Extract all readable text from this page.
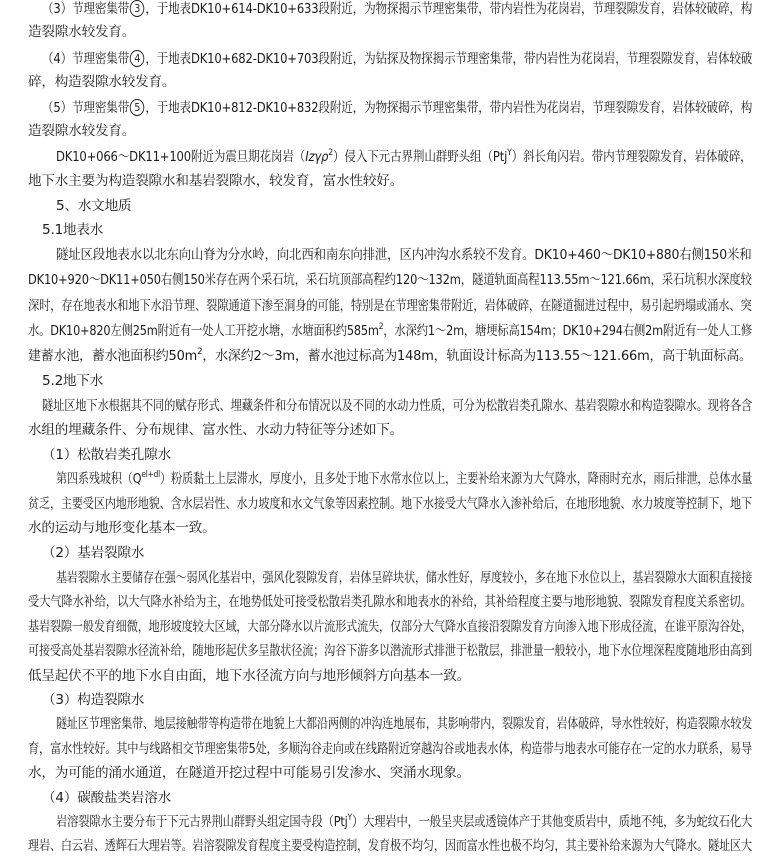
（3）节理密集带 3 ，于地表DK10+614-DK10+633段附近，为物探揭示节理密集带，带内岩性为花岗岩，节理裂隙发育，岩体较破碎，构
造裂隙水较发育。
（4）节理密集带 4 ，于地表DK10+682-DK10+703段附近，为钻探及物探揭示节理密集带，带内岩性为花岗岩，节理裂隙发育，岩体较破
碎，构造裂隙水较发育。
（5）节理密集带 5 ，于地表DK10+812-DK10+832段附近，为物探揭示节理密集带，带内岩性为花岗岩，节理裂隙发育，岩体较破碎，构
造裂隙水较发育。
DK10+066～DK11+100附近为震旦期花岗岩（Izγρ$^2$）侵入下元古界荆山群野头组（Ptj$^Y$）斜长角闪岩。带内节理裂隙发育，岩体破碎，
地下水主要为构造裂隙水和基岩裂隙水，较发育，富水性较好。
5、水文地质
5.1地表水
隧址区段地表水以北东向山脊为分水岭，向北西和南东向排泄，区内冲沟水系较不发育。DK10+460～DK10+880右侧150米和
DK10+920～DK11+050右侧150米存在两个采石坑，采石坑顶部高程约120～132m，隧道轨面高程113.55m～121.66m，采石坑积水深度较
深时，存在地表水和地下水沿节理、裂隙通道下渗至洞身的可能，特别是在节理密集带附近，岩体破碎，在隧道掘进过程中，易引起坍塌或涌水、突
水。DK10+820左侧25m附近有一处人工开挖水塘，水塘面积约$585m^2$，水深约1～2m，塘埂标高154m；DK10+294右侧2m附近有一处人工修
建蓄水池，蓄水池面积约$50m^2$，水深约2～3m，蓄水池过标高为148m，轨面设计标高为113.55～121.66m，高于轨面标高。
5.2地下水
隧址区地下水根据其不同的赋存形式、埋藏条件和分布情况以及不同的水动力性质，可分为松散岩类孔隙水、基岩裂隙水和构造裂隙水。现将各含
水组的埋藏条件、分布规律、富水性、水动力特征等分述如下。
（1）松散岩类孔隙水
第四系残坡积$(Q^{el+dl})$粉质黏土上层滞水，厚度小，且多处于地下水常水位以上，主要补给来源为大气降水，降雨时充水，雨后排泄，总体水量
贫乏，主要受区内地形地貌、含水层岩性、水力坡度和水文气象等因素控制。地下水接受大气降水入渗补给后，在地形地貌、水力坡度等控制下，地下
水的运动与地形变化基本一致。
（2）基岩裂隙水
基岩裂隙水主要储存在强～弱风化基岩中，强风化裂隙发育，岩体呈碎块状，储水性好，厚度较小，多在地下水位以上，基岩裂隙水大面积直接接
受大气降水补给，以大气降水补给为主，在地势低处可接受松散岩类孔隙水和地表水的补给，其补给程度主要与地形地貌、裂隙发育程度关系密切。
基岩裂隙一般发育细微，地形坡度较大区域，大部分降水以片流形式流失，仅部分大气降水直接沿裂隙发育方向渗入地下形成径流，在谁平原沟谷处，
可接受高处基岩裂隙水径流补给，随地形起伏多呈散状径流；沟谷下游多以潜流形式排泄于松散层，排泄量一般较小，地下水位埋深程度随地形由高到
低呈起伏不平的地下水自由面，地下水径流方向与地形倾斜方向基本一致。
（3）构造裂隙水
隧址区节理密集带、地层接触带等构造带在地貌上大都沿两侧的冲沟连地展布，其影响带内，裂隙发育，岩体破碎，导水性较好，构造裂隙水较发
育，富水性较好。其中与线路相交节理密集带5处，多顺沟谷走向或在线路附近穿越沟谷或地表水体，构造带与地表水可能存在一定的水力联系，易导
水，为可能的涌水通道，在隧道开挖过程中可能易引发渗水、突涌水现象。
（4）碳酸盐类岩溶水
岩溶裂隙水主要分布于下元古界荆山群野头组定国寺段（Ptj$^Y$）大理岩中，一般呈夹层或透镜体产于其他变质岩中，质地不纯，多为蛇纹石化大
理岩、白云岩、透辉石大理岩等。岩溶裂隙发育程度主要受构造控制，发育极不均匀，因而富水性也极不均匀，其主要补给来源为大气降水。隧址区大
